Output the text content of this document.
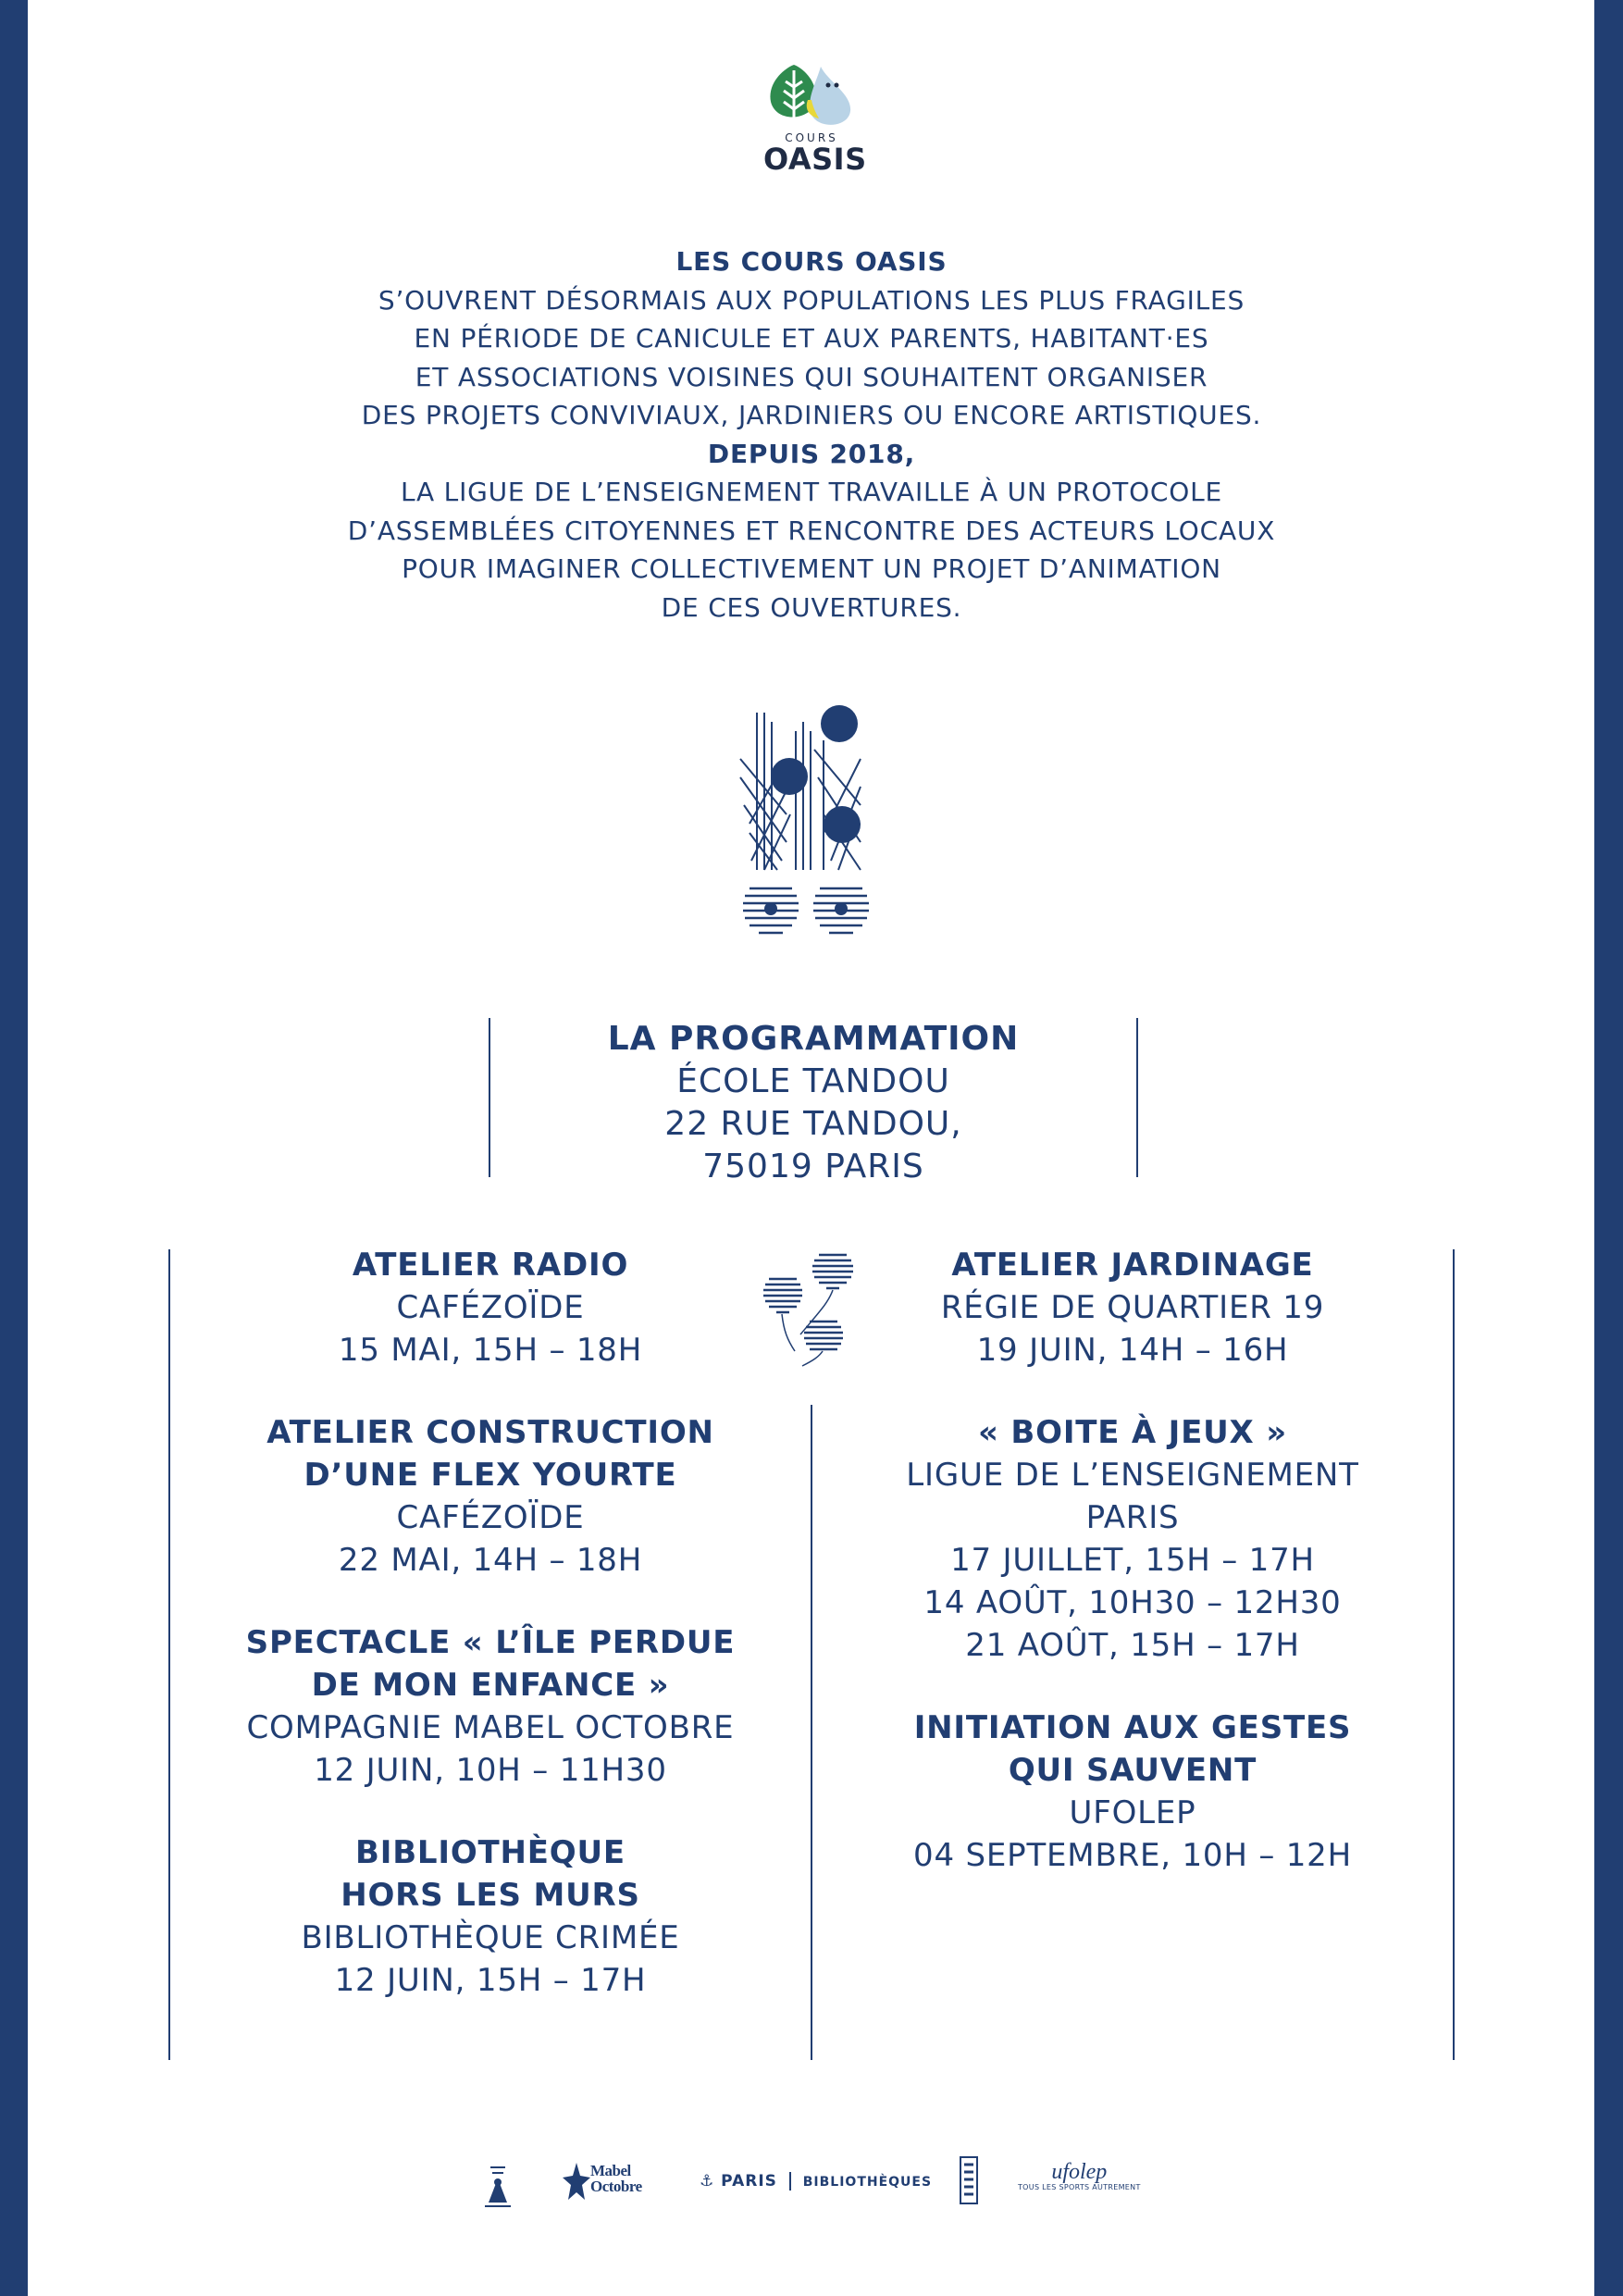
COURS
OASIS
LES COURS OASIS
S’OUVRENT DÉSORMAIS AUX POPULATIONS LES PLUS FRAGILES
EN PÉRIODE DE CANICULE ET AUX PARENTS, HABITANT·ES
ET ASSOCIATIONS VOISINES QUI SOUHAITENT ORGANISER
DES PROJETS CONVIVIAUX, JARDINIERS OU ENCORE ARTISTIQUES.
DEPUIS 2018,
LA LIGUE DE L’ENSEIGNEMENT TRAVAILLE À UN PROTOCOLE
D’ASSEMBLÉES CITOYENNES ET RENCONTRE DES ACTEURS LOCAUX
POUR IMAGINER COLLECTIVEMENT UN PROJET D’ANIMATION
DE CES OUVERTURES.
LA PROGRAMMATION
ÉCOLE TANDOU
22 RUE TANDOU,
75019 PARIS
ATELIER RADIO
CAFÉZOÏDE
15 MAI, 15H – 18H
ATELIER CONSTRUCTION
D’UNE FLEX YOURTE
CAFÉZOÏDE
22 MAI, 14H – 18H
SPECTACLE « L’ÎLE PERDUE
DE MON ENFANCE »
COMPAGNIE MABEL OCTOBRE
12 JUIN, 10H – 11H30
BIBLIOTHÈQUE
HORS LES MURS
BIBLIOTHÈQUE CRIMÉE
12 JUIN, 15H – 17H
ATELIER JARDINAGE
RÉGIE DE QUARTIER 19
19 JUIN, 14H – 16H
« BOITE À JEUX »
LIGUE DE L’ENSEIGNEMENT
PARIS
17 JUILLET, 15H – 17H
14 AOÛT, 10H30 – 12H30
21 AOÛT, 15H – 17H
INITIATION AUX GESTES
QUI SAUVENT
UFOLEP
04 SEPTEMBRE, 10H – 12H
Mabel
Octobre	⚓ PARIS BIBLIOTHÈQUES	ufolep
TOUS LES SPORTS AUTREMENT
